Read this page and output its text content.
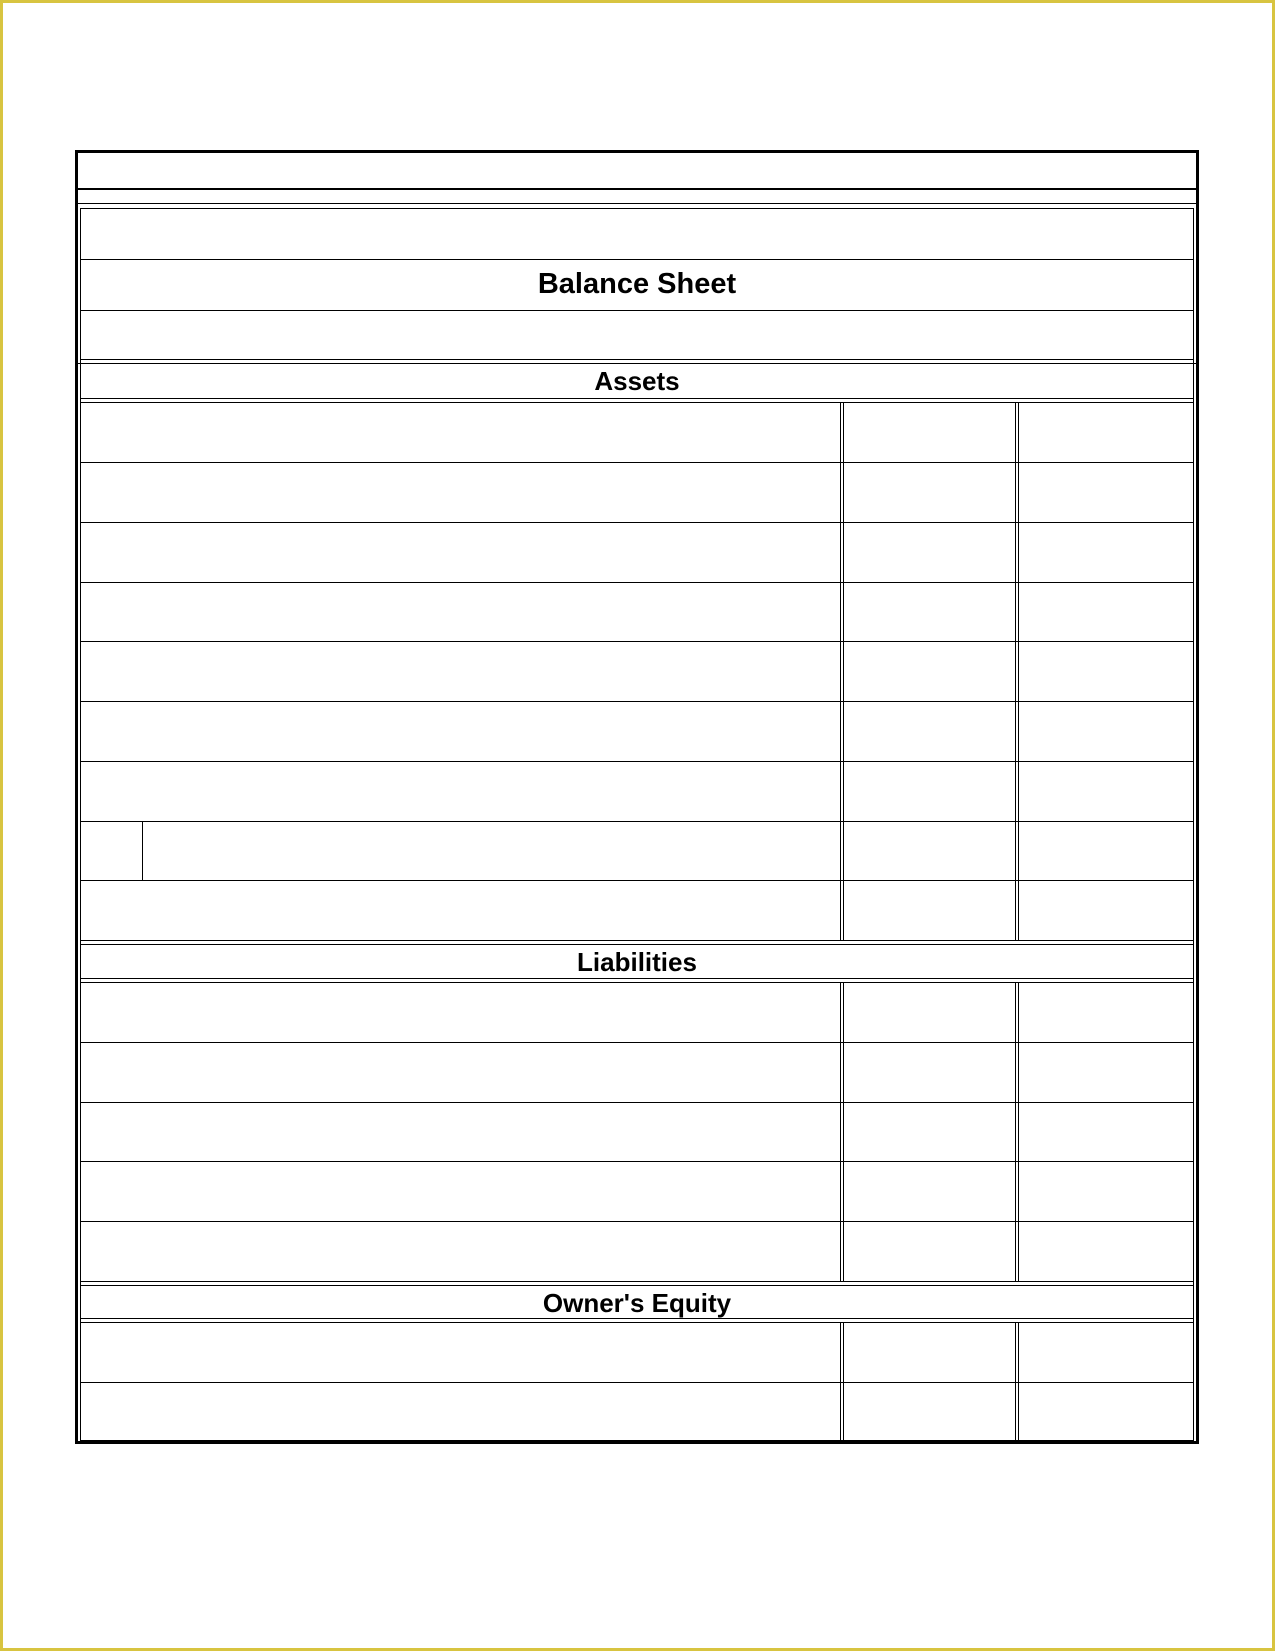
Balance Sheet
Assets
Liabilities
Owner's Equity
